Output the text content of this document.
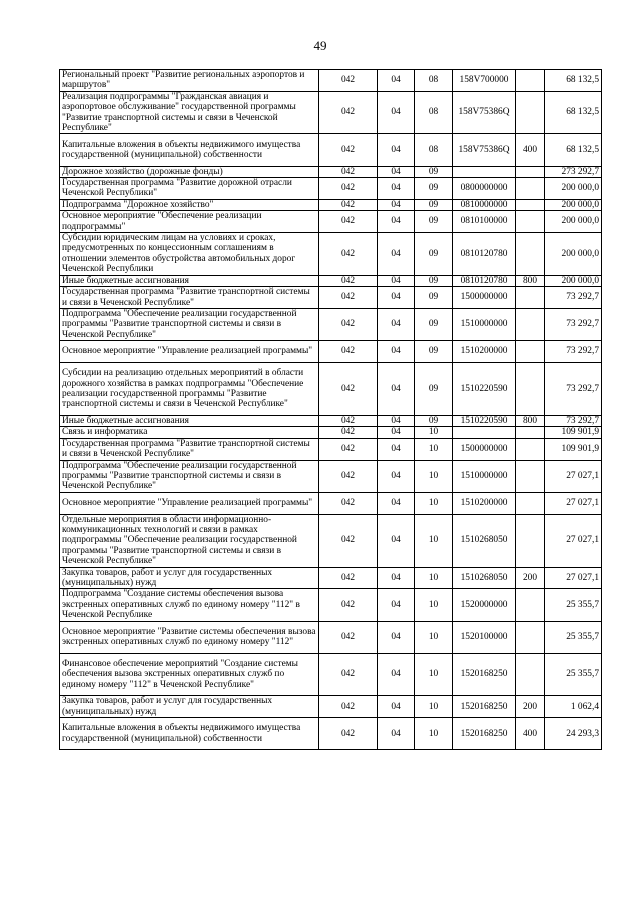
49
Региональный проект "Развитие региональных аэропортов и маршрутов"	042	04	08	158V700000		68 132,5
Реализация подпрограммы "Гражданская авиация и аэропортовое обслуживание" государственной программы "Развитие транспортной системы и связи в Чеченской Республике"	042	04	08	158V75386Q		68 132,5
Капитальные вложения в объекты недвижимого имущества государственной (муниципальной) собственности	042	04	08	158V75386Q	400	68 132,5
Дорожное хозяйство (дорожные фонды)	042	04	09			273 292,7
Государственная программа "Развитие дорожной отрасли Чеченской Республики"	042	04	09	0800000000		200 000,0
Подпрограмма "Дорожное хозяйство"	042	04	09	0810000000		200 000,0
Основное мероприятие "Обеспечение реализации подпрограммы"	042	04	09	0810100000		200 000,0
Субсидии юридическим лицам на условиях и сроках, предусмотренных по концессионным соглашениям в отношении элементов обустройства автомобильных дорог Чеченской Республики	042	04	09	0810120780		200 000,0
Иные бюджетные ассигнования	042	04	09	0810120780	800	200 000,0
Государственная программа "Развитие транспортной системы и связи в Чеченской Республике"	042	04	09	1500000000		73 292,7
Подпрограмма "Обеспечение реализации государственной программы "Развитие транспортной системы и связи в Чеченской Республике"	042	04	09	1510000000		73 292,7
Основное мероприятие "Управление реализацией программы"	042	04	09	1510200000		73 292,7
Субсидии на реализацию отдельных мероприятий в области дорожного хозяйства в рамках подпрограммы "Обеспечение реализации государственной программы "Развитие транспортной системы и связи в Чеченской Республике"	042	04	09	1510220590		73 292,7
Иные бюджетные ассигнования	042	04	09	1510220590	800	73 292,7
Связь и информатика	042	04	10			109 901,9
Государственная программа "Развитие транспортной системы и связи в Чеченской Республике"	042	04	10	1500000000		109 901,9
Подпрограмма "Обеспечение реализации государственной программы "Развитие транспортной системы и связи в Чеченской Республике"	042	04	10	1510000000		27 027,1
Основное мероприятие "Управление реализацией программы"	042	04	10	1510200000		27 027,1
Отдельные мероприятия в области информационно-коммуникационных технологий и связи в рамках подпрограммы "Обеспечение реализации государственной программы "Развитие транспортной системы и связи в Чеченской Республике"	042	04	10	1510268050		27 027,1
Закупка товаров, работ и услуг для государственных (муниципальных) нужд	042	04	10	1510268050	200	27 027,1
Подпрограмма "Создание системы обеспечения вызова экстренных оперативных служб по единому номеру "112" в Чеченской Республике	042	04	10	1520000000		25 355,7
Основное мероприятие "Развитие системы обеспечения вызова экстренных оперативных служб по единому номеру "112"	042	04	10	1520100000		25 355,7
Финансовое обеспечение мероприятий "Создание системы обеспечения вызова экстренных оперативных служб по единому номеру "112" в Чеченской Республике"	042	04	10	1520168250		25 355,7
Закупка товаров, работ и услуг для государственных (муниципальных) нужд	042	04	10	1520168250	200	1 062,4
Капитальные вложения в объекты недвижимого имущества государственной (муниципальной) собственности	042	04	10	1520168250	400	24 293,3
